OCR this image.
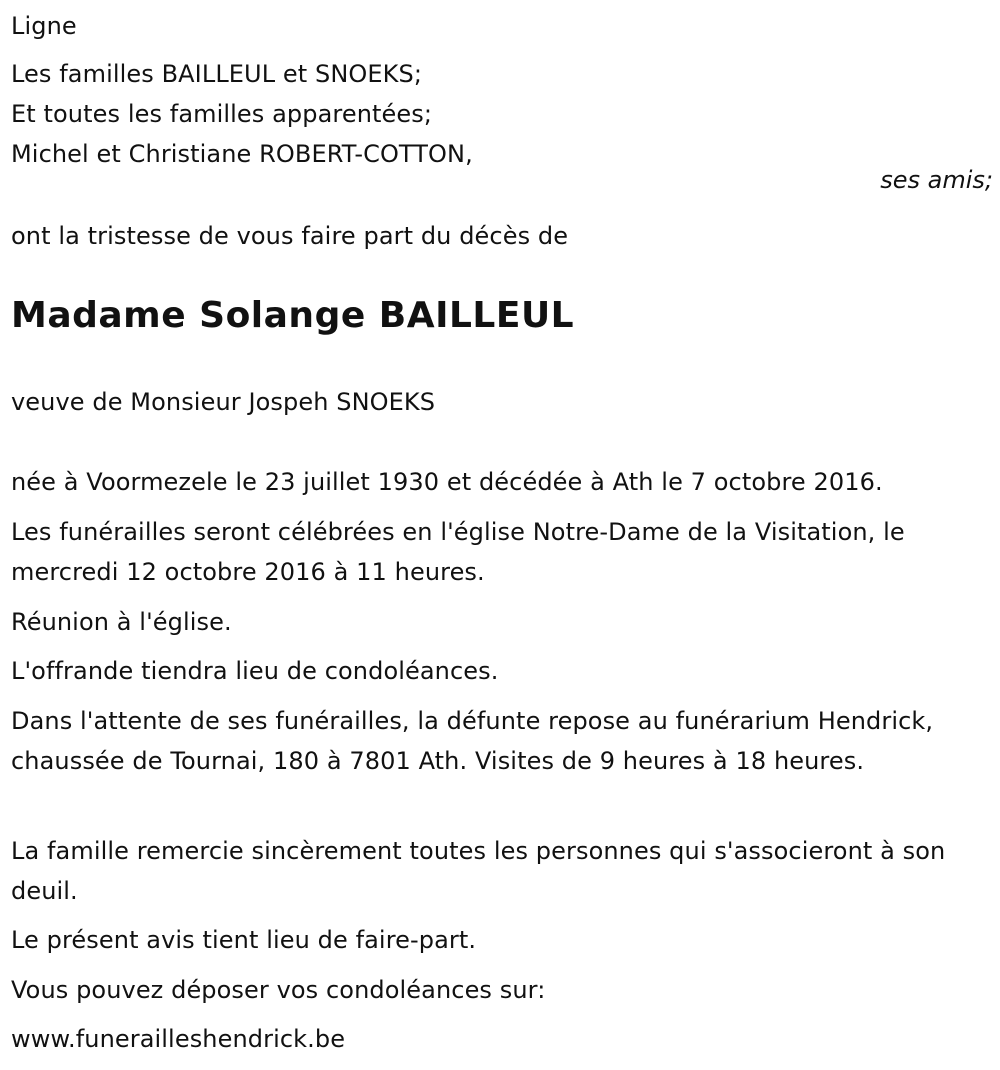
Ligne
Les familles BAILLEUL et SNOEKS;
Et toutes les familles apparentées;
Michel et Christiane ROBERT-COTTON,
ses amis;
ont la tristesse de vous faire part du décès de
Madame Solange BAILLEUL
veuve de Monsieur Jospeh SNOEKS
née à Voormezele le 23 juillet 1930 et décédée à Ath le 7 octobre 2016.
Les funérailles seront célébrées en l'église Notre-Dame de la Visitation, le mercredi 12 octobre 2016 à 11 heures.
Réunion à l'église.
L'offrande tiendra lieu de condoléances.
Dans l'attente de ses funérailles, la défunte repose au funérarium Hendrick, chaussée de Tournai, 180 à 7801 Ath. Visites de 9 heures à 18 heures.
La famille remercie sincèrement toutes les personnes qui s'associeront à son deuil.
Le présent avis tient lieu de faire-part.
Vous pouvez déposer vos condoléances sur:
www.funerailleshendrick.be
